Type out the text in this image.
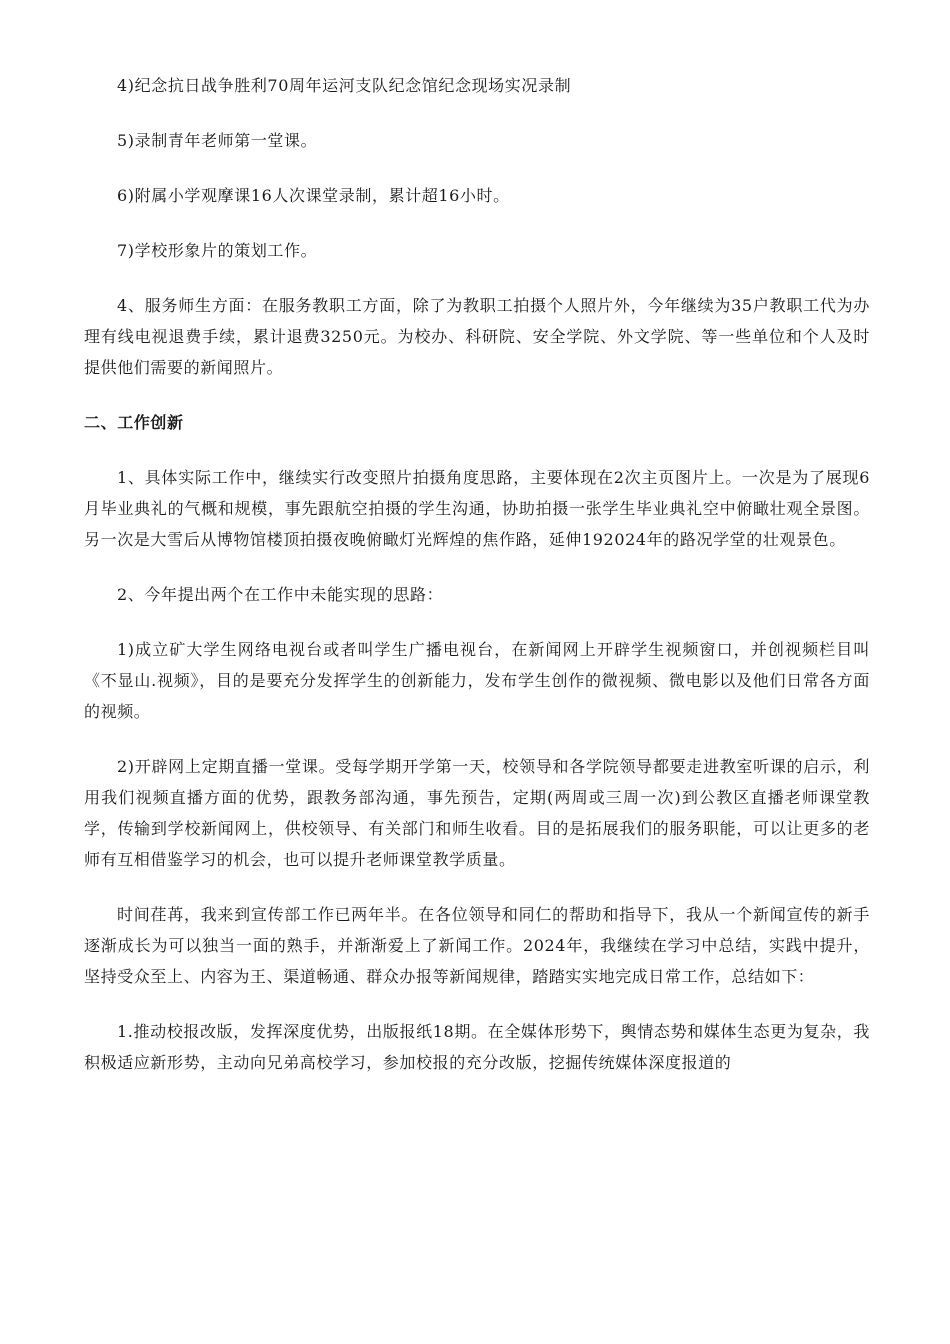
4)纪念抗日战争胜利70周年运河支队纪念馆纪念现场实况录制

5)录制青年老师第一堂课。

6)附属小学观摩课16人次课堂录制，累计超16小时。

7)学校形象片的策划工作。

4、服务师生方面：在服务教职工方面，除了为教职工拍摄个人照片外，今年继续为35户教职工代为办理有线电视退费手续，累计退费3250元。为校办、科研院、安全学院、外文学院、等一些单位和个人及时提供他们需要的新闻照片。

二、工作创新

1、具体实际工作中，继续实行改变照片拍摄角度思路，主要体现在2次主页图片上。一次是为了展现6月毕业典礼的气概和规模，事先跟航空拍摄的学生沟通，协助拍摄一张学生毕业典礼空中俯瞰壮观全景图。另一次是大雪后从博物馆楼顶拍摄夜晚俯瞰灯光辉煌的焦作路，延伸192024年的路况学堂的壮观景色。

2、今年提出两个在工作中未能实现的思路：

1)成立矿大学生网络电视台或者叫学生广播电视台，在新闻网上开辟学生视频窗口，并创视频栏目叫《不显山.视频》，目的是要充分发挥学生的创新能力，发布学生创作的微视频、微电影以及他们日常各方面的视频。

2)开辟网上定期直播一堂课。受每学期开学第一天，校领导和各学院领导都要走进教室听课的启示，利用我们视频直播方面的优势，跟教务部沟通，事先预告，定期(两周或三周一次)到公教区直播老师课堂教学，传输到学校新闻网上，供校领导、有关部门和师生收看。目的是拓展我们的服务职能，可以让更多的老师有互相借鉴学习的机会，也可以提升老师课堂教学质量。

时间荏苒，我来到宣传部工作已两年半。在各位领导和同仁的帮助和指导下，我从一个新闻宣传的新手逐渐成长为可以独当一面的熟手，并渐渐爱上了新闻工作。2024年，我继续在学习中总结，实践中提升，坚持受众至上、内容为王、渠道畅通、群众办报等新闻规律，踏踏实实地完成日常工作，总结如下：

1.推动校报改版，发挥深度优势，出版报纸18期。在全媒体形势下，舆情态势和媒体生态更为复杂，我积极适应新形势，主动向兄弟高校学习，参加校报的充分改版，挖掘传统媒体深度报道的
